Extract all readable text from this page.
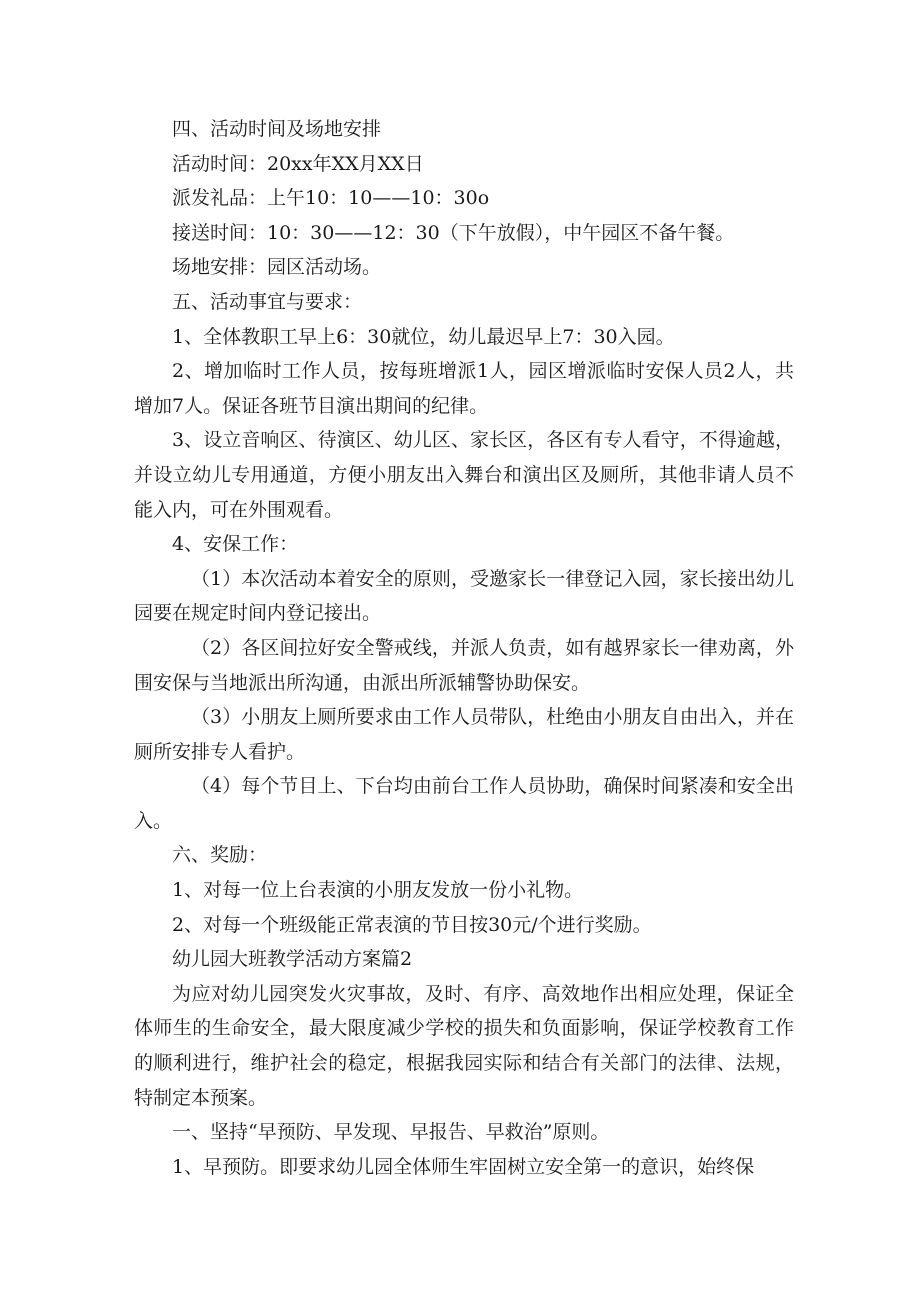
四、活动时间及场地安排

活动时间：20xx年XX月XX日

派发礼品：上午10：10——10：30o

接送时间：10：30——12：30（下午放假），中午园区不备午餐。

场地安排：园区活动场。

五、活动事宜与要求：

1、全体教职工早上6：30就位，幼儿最迟早上7：30入园。

2、增加临时工作人员，按每班增派1人，园区增派临时安保人员2人，共增加7人。保证各班节目演出期间的纪律。

3、设立音响区、待演区、幼儿区、家长区，各区有专人看守，不得逾越，并设立幼儿专用通道，方便小朋友出入舞台和演出区及厕所，其他非请人员不能入内，可在外围观看。

4、安保工作：

（1）本次活动本着安全的原则，受邀家长一律登记入园，家长接出幼儿园要在规定时间内登记接出。

（2）各区间拉好安全警戒线，并派人负责，如有越界家长一律劝离，外围安保与当地派出所沟通，由派出所派辅警协助保安。

（3）小朋友上厕所要求由工作人员带队，杜绝由小朋友自由出入，并在厕所安排专人看护。

（4）每个节目上、下台均由前台工作人员协助，确保时间紧凑和安全出入。

六、奖励：

1、对每一位上台表演的小朋友发放一份小礼物。

2、对每一个班级能正常表演的节目按30元/个进行奖励。

幼儿园大班教学活动方案篇2

为应对幼儿园突发火灾事故，及时、有序、高效地作出相应处理，保证全体师生的生命安全，最大限度减少学校的损失和负面影响，保证学校教育工作的顺利进行，维护社会的稳定，根据我园实际和结合有关部门的法律、法规，特制定本预案。

一、坚持“早预防、早发现、早报告、早救治”原则。

1、早预防。即要求幼儿园全体师生牢固树立安全第一的意识，始终保
